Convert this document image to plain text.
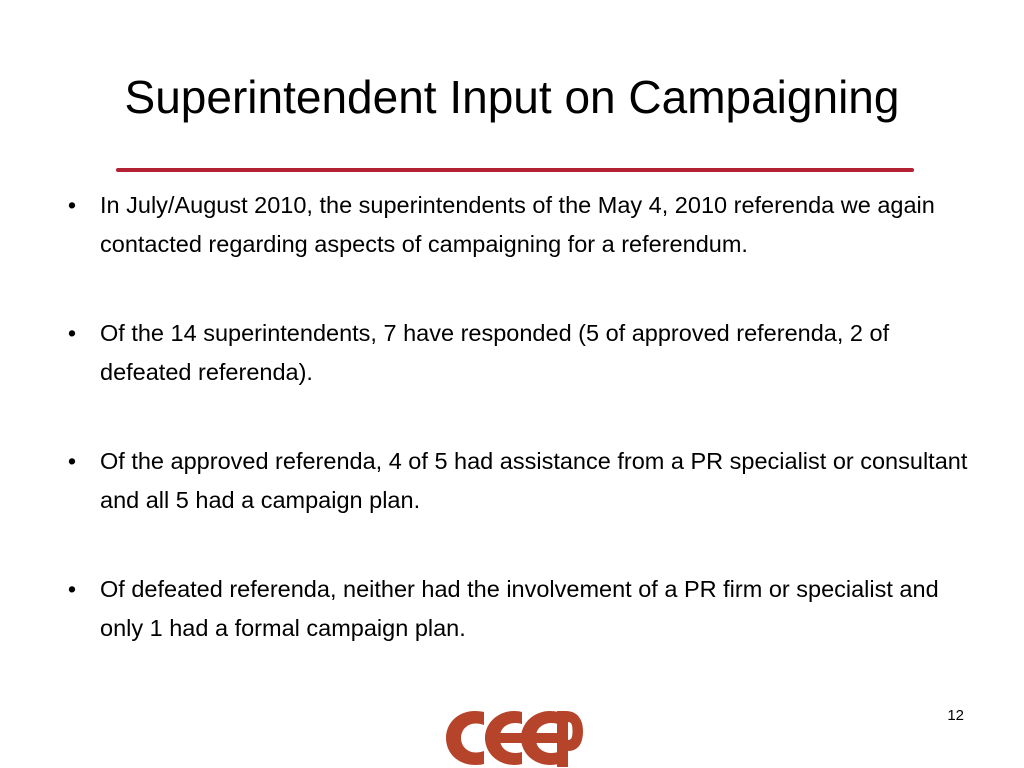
Superintendent Input on Campaigning
• In July/August 2010, the superintendents of the May 4, 2010 referenda we again contacted regarding aspects of campaigning for a referendum.
• Of the 14 superintendents, 7 have responded (5 of approved referenda, 2 of defeated referenda).
• Of the approved referenda, 4 of 5 had assistance from a PR specialist or consultant and all 5 had a campaign plan.
• Of defeated referenda, neither had the involvement of a PR firm or specialist and only 1 had a formal campaign plan.
12
